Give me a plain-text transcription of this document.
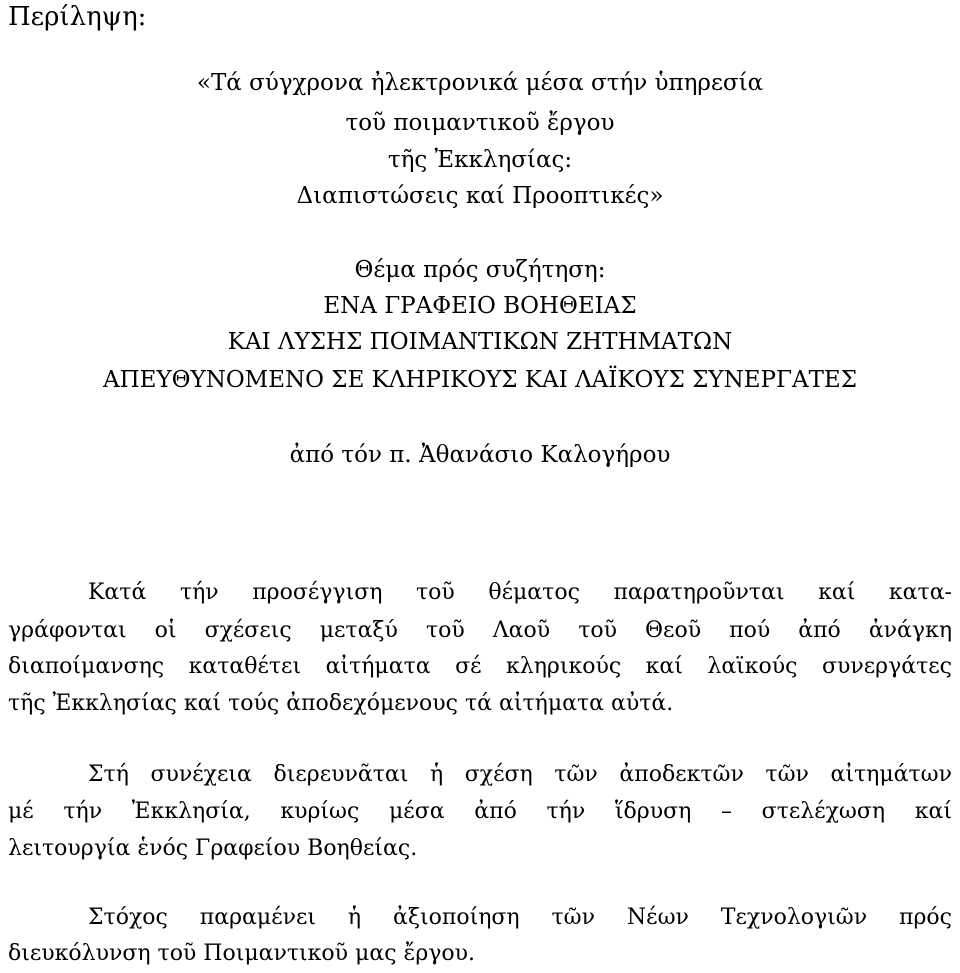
Περίληψη:
«Τά σύγχρονα ἠλεκτρονικά μέσα στήν ὑπηρεσία
τοῦ ποιμαντικοῦ ἔργου
τῆς Ἐκκλησίας:
Διαπιστώσεις καί Προοπτικές»
Θέμα πρός συζήτηση:
ΕΝΑ ΓΡΑΦΕΙΟ ΒΟΗΘΕΙΑΣ
ΚΑΙ ΛΥΣΗΣ ΠΟΙΜΑΝΤΙΚΩΝ ΖΗΤΗΜΑΤΩΝ
ΑΠΕΥΘΥΝΟΜΕΝΟ ΣΕ ΚΛΗΡΙΚΟΥΣ ΚΑΙ ΛΑΪΚΟΥΣ ΣΥΝΕΡΓΑΤΕΣ
ἀπό τόν π. Ἀθανάσιο Καλογήρου
Κατά τήν προσέγγιση τοῦ θέματος παρατηροῦνται καί κατα-
γράφονται οἱ σχέσεις μεταξύ τοῦ Λαοῦ τοῦ Θεοῦ πού ἀπό ἀνάγκη
διαποίμανσης καταθέτει αἰτήματα σέ κληρικούς καί λαϊκούς συνεργάτες
τῆς Ἐκκλησίας καί τούς ἀποδεχόμενους τά αἰτήματα αὐτά.
Στή συνέχεια διερευνᾶται ἡ σχέση τῶν ἀποδεκτῶν τῶν αἰτημάτων
μέ τήν Ἐκκλησία, κυρίως μέσα ἀπό τήν ἵδρυση – στελέχωση καί
λειτουργία ἑνός Γραφείου Βοηθείας.
Στόχος παραμένει ἡ ἀξιοποίηση τῶν Νέων Τεχνολογιῶν πρός
διευκόλυνση τοῦ Ποιμαντικοῦ μας ἔργου.
